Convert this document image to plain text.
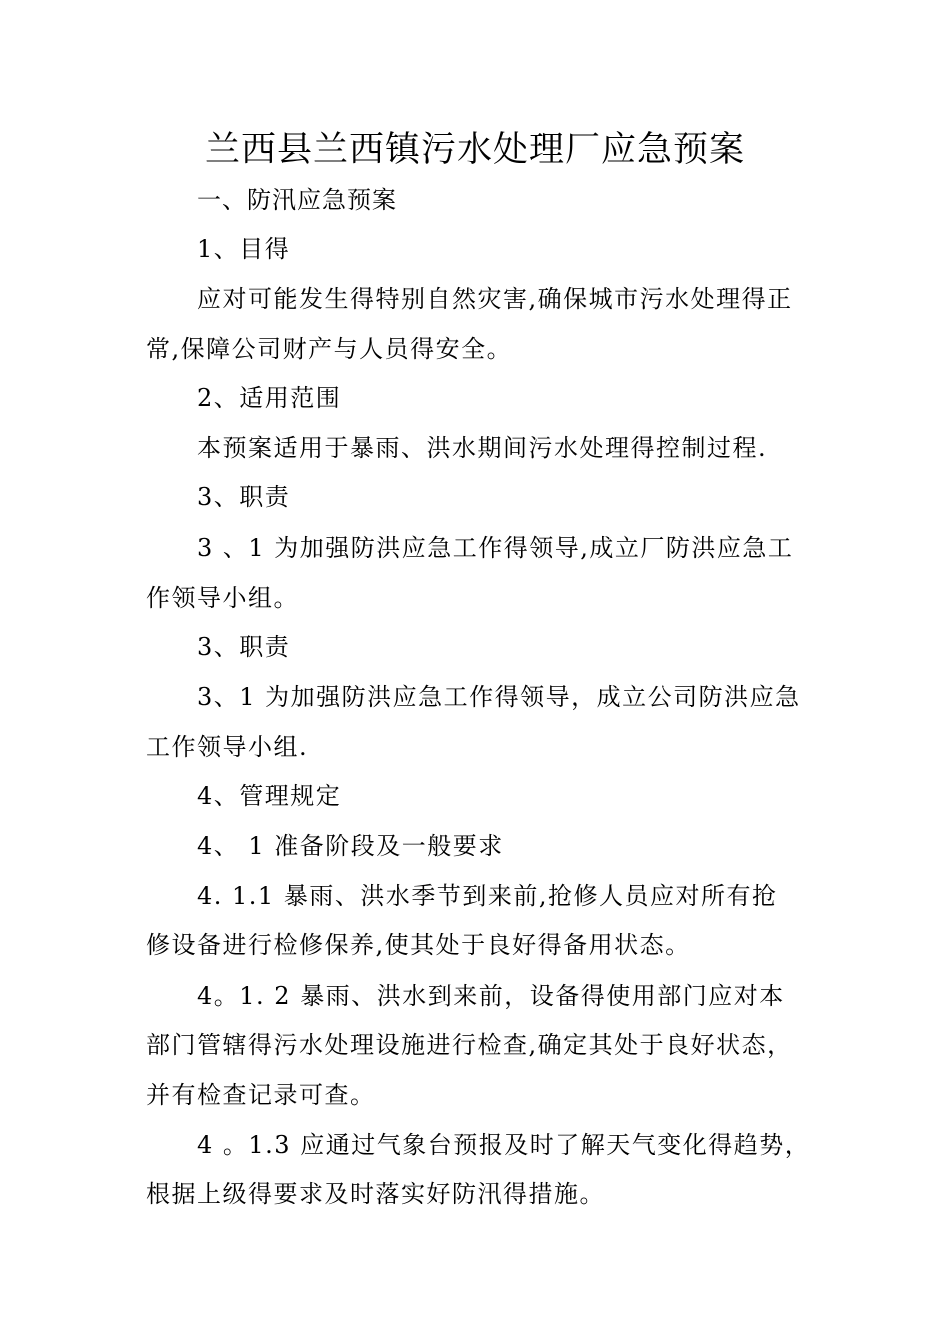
兰西县兰西镇污水处理厂应急预案
一、防汛应急预案
1、目得
应对可能发生得特别自然灾害,确保城市污水处理得正
常,保障公司财产与人员得安全。
2、适用范围
本预案适用于暴雨、洪水期间污水处理得控制过程.
3、职责
3 、1 为加强防洪应急工作得领导,成立厂防洪应急工
作领导小组。
3、职责
3、1 为加强防洪应急工作得领导，成立公司防洪应急
工作领导小组.
4、管理规定
4、 1 准备阶段及一般要求
4. 1.1 暴雨、洪水季节到来前,抢修人员应对所有抢
修设备进行检修保养,使其处于良好得备用状态。
4。1. 2 暴雨、洪水到来前，设备得使用部门应对本
部门管辖得污水处理设施进行检查,确定其处于良好状态，
并有检查记录可查。
4 。1.3 应通过气象台预报及时了解天气变化得趋势，
根据上级得要求及时落实好防汛得措施。
